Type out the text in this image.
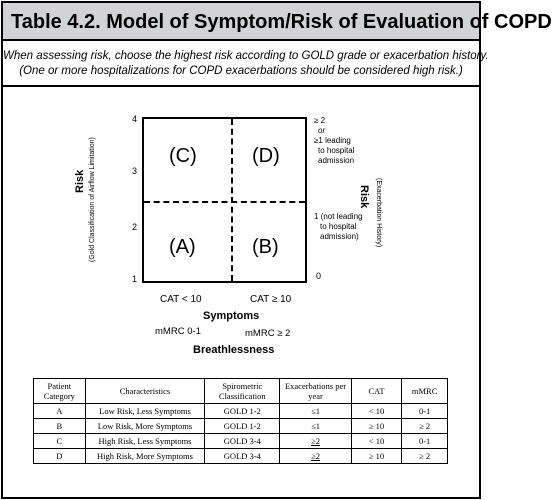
Table 4.2. Model of Symptom/Risk of Evaluation of COPD
When assessing risk, choose the highest risk according to GOLD grade or exacerbation history.
(One or more hospitalizations for COPD exacerbations should be considered high risk.)
(C)	(D)
(A)	(B)
4
3
2
1
Risk (Gold Classification of Airflow Limitation)
≥ 2
or
≥1 leading
to hospital
admission
1 (not leading
to hospital
admission)
0
Risk (Exacerbation History)
CAT < 10	CAT ≥ 10
Symptoms
mMRC 0-1	mMRC ≥ 2
Breathlessness
Patient Category	Characteristics	Spirometric Classification	Exacerbations per year	CAT	mMRC
A	Low Risk, Less Symptoms	GOLD 1-2	≤1	< 10	0-1
B	Low Risk, More Symptoms	GOLD 1-2	≤1	≥ 10	≥ 2
C	High Risk, Less Symptoms	GOLD 3-4	≥2	< 10	0-1
D	High Risk, More Symptoms	GOLD 3-4	≥2	≥ 10	≥ 2
